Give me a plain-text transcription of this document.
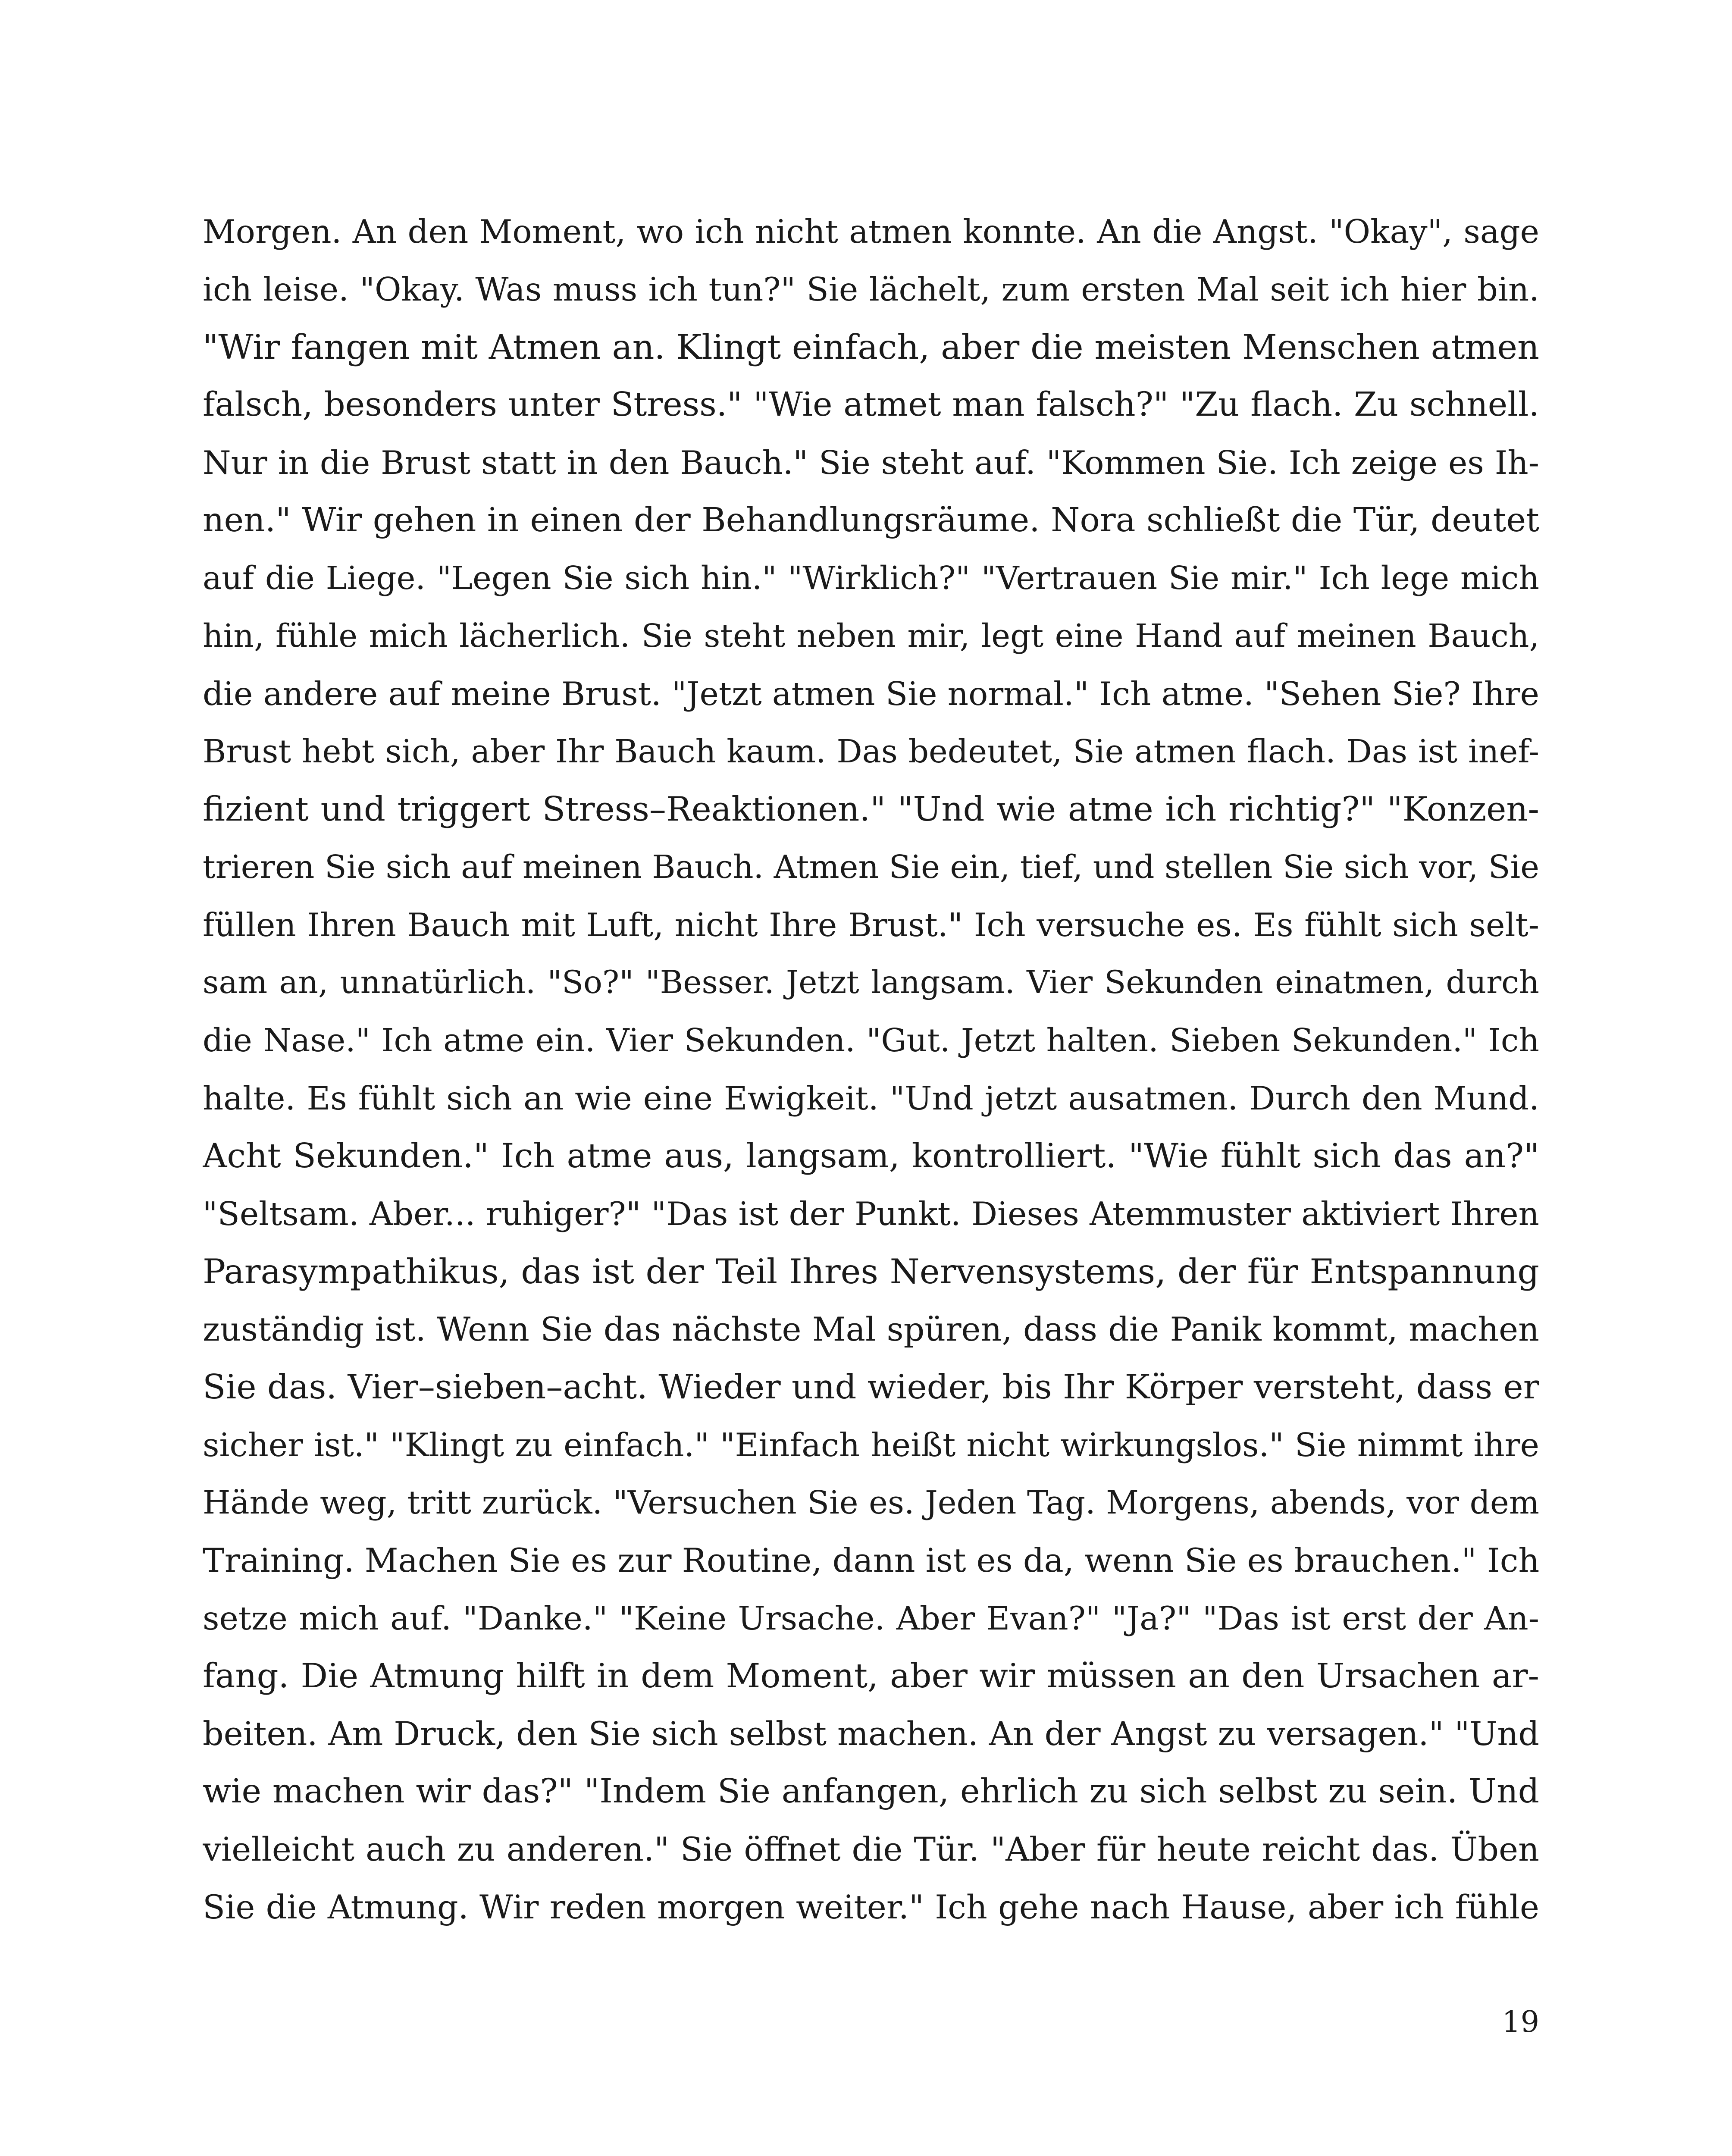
Morgen. An den Moment, wo ich nicht atmen konnte. An die Angst. "Okay", sage
ich leise. "Okay. Was muss ich tun?" Sie lächelt, zum ersten Mal seit ich hier bin.
"Wir fangen mit Atmen an. Klingt einfach, aber die meisten Menschen atmen
falsch, besonders unter Stress." "Wie atmet man falsch?" "Zu flach. Zu schnell.
Nur in die Brust statt in den Bauch." Sie steht auf. "Kommen Sie. Ich zeige es Ih-
nen." Wir gehen in einen der Behandlungsräume. Nora schließt die Tür, deutet
auf die Liege. "Legen Sie sich hin." "Wirklich?" "Vertrauen Sie mir." Ich lege mich
hin, fühle mich lächerlich. Sie steht neben mir, legt eine Hand auf meinen Bauch,
die andere auf meine Brust. "Jetzt atmen Sie normal." Ich atme. "Sehen Sie? Ihre
Brust hebt sich, aber Ihr Bauch kaum. Das bedeutet, Sie atmen flach. Das ist inef-
fizient und triggert Stress–Reaktionen." "Und wie atme ich richtig?" "Konzen-
trieren Sie sich auf meinen Bauch. Atmen Sie ein, tief, und stellen Sie sich vor, Sie
füllen Ihren Bauch mit Luft, nicht Ihre Brust." Ich versuche es. Es fühlt sich selt-
sam an, unnatürlich. "So?" "Besser. Jetzt langsam. Vier Sekunden einatmen, durch
die Nase." Ich atme ein. Vier Sekunden. "Gut. Jetzt halten. Sieben Sekunden." Ich
halte. Es fühlt sich an wie eine Ewigkeit. "Und jetzt ausatmen. Durch den Mund.
Acht Sekunden." Ich atme aus, langsam, kontrolliert. "Wie fühlt sich das an?"
"Seltsam. Aber... ruhiger?" "Das ist der Punkt. Dieses Atemmuster aktiviert Ihren
Parasympathikus, das ist der Teil Ihres Nervensystems, der für Entspannung
zuständig ist. Wenn Sie das nächste Mal spüren, dass die Panik kommt, machen
Sie das. Vier–sieben–acht. Wieder und wieder, bis Ihr Körper versteht, dass er
sicher ist." "Klingt zu einfach." "Einfach heißt nicht wirkungslos." Sie nimmt ihre
Hände weg, tritt zurück. "Versuchen Sie es. Jeden Tag. Morgens, abends, vor dem
Training. Machen Sie es zur Routine, dann ist es da, wenn Sie es brauchen." Ich
setze mich auf. "Danke." "Keine Ursache. Aber Evan?" "Ja?" "Das ist erst der An-
fang. Die Atmung hilft in dem Moment, aber wir müssen an den Ursachen ar-
beiten. Am Druck, den Sie sich selbst machen. An der Angst zu versagen." "Und
wie machen wir das?" "Indem Sie anfangen, ehrlich zu sich selbst zu sein. Und
vielleicht auch zu anderen." Sie öffnet die Tür. "Aber für heute reicht das. Üben
Sie die Atmung. Wir reden morgen weiter." Ich gehe nach Hause, aber ich fühle
19
